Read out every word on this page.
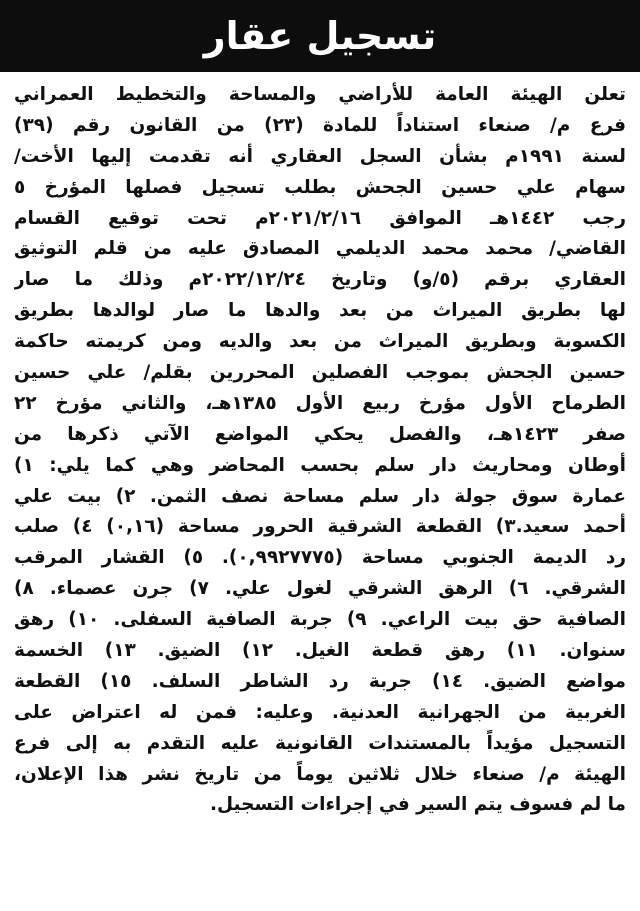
تسجيل عقار
تعلن الهيئة العامة للأراضي والمساحة والتخطيط العمراني
فرع م/ صنعاء استناداً للمادة (٢٣) من القانون رقم (٣٩)
لسنة ١٩٩١م بشأن السجل العقاري أنه تقدمت إليها الأخت/
سهام علي حسين الجحش بطلب تسجيل فصلها المؤرخ ٥
رجب ١٤٤٢هـ الموافق ٢٠٢١/٢/١٦م تحت توقيع القسام
القاضي/ محمد محمد الديلمي المصادق عليه من قلم التوثيق
العقاري برقم (٥/و) وتاريخ ٢٠٢٢/١٢/٢٤م وذلك ما صار
لها بطريق الميراث من بعد والدها ما صار لوالدها بطريق
الكسوبة وبطريق الميراث من بعد والديه ومن كريمته حاكمة
حسين الجحش بموجب الفصلين المحررين بقلم/ علي حسين
الطرماح الأول مؤرخ ربيع الأول ١٣٨٥هـ، والثاني مؤرخ ٢٢
صفر ١٤٢٣هـ، والفصل يحكي المواضع الآتي ذكرها من
أوطان ومحاريث دار سلم بحسب المحاضر وهي كما يلي: ١)
عمارة سوق جولة دار سلم مساحة نصف الثمن. ٢) بيت علي
أحمد سعيد.٣) القطعة الشرقية الحرور مساحة (٠,١٦) ٤) صلب
رد الديمة الجنوبي مساحة (٠,٩٩٢٧٧٧٥). ٥) القشار المرقب
الشرقي. ٦) الرهق الشرقي لغول علي. ٧) جرن عصماء. ٨)
الصافية حق بيت الراعي. ٩) جربة الصافية السفلى. ١٠) رهق
سنوان. ١١) رهق قطعة الغيل. ١٢) الضيق. ١٣) الخسمة
مواضع الضيق. ١٤) جربة رد الشاطر السلف. ١٥) القطعة
الغربية من الجهرانية العدنية. وعليه: فمن له اعتراض على
التسجيل مؤيداً بالمستندات القانونية عليه التقدم به إلى فرع
الهيئة م/ صنعاء خلال ثلاثين يوماً من تاريخ نشر هذا الإعلان،
ما لم فسوف يتم السير في إجراءات التسجيل.
